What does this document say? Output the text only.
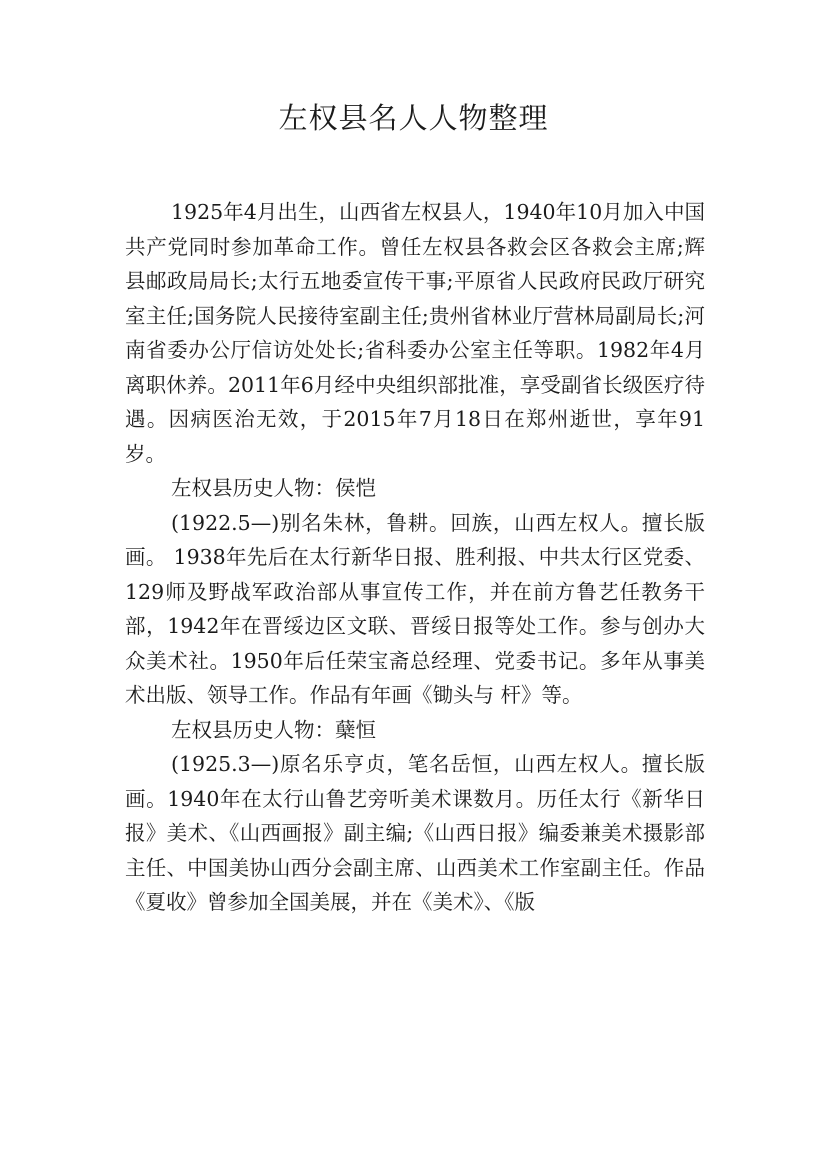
左权县名人人物整理

1925年4月出生，山西省左权县人，1940年10月加入中国共产党同时参加革命工作。曾任左权县各救会区各救会主席;辉县邮政局局长;太行五地委宣传干事;平原省人民政府民政厅研究室主任;国务院人民接待室副主任;贵州省林业厅营林局副局长;河南省委办公厅信访处处长;省科委办公室主任等职。1982年4月离职休养。2011年6月经中央组织部批准，享受副省长级医疗待遇。因病医治无效，于2015年7月18日在郑州逝世，享年91岁。

左权县历史人物：侯恺

(1922.5—)别名朱林，鲁耕。回族，山西左权人。擅长版画。 1938年先后在太行新华日报、胜利报、中共太行区党委、129师及野战军政治部从事宣传工作，并在前方鲁艺任教务干部，1942年在晋绥边区文联、晋绥日报等处工作。参与创办大众美术社。1950年后任荣宝斋总经理、党委书记。多年从事美术出版、领导工作。作品有年画《锄头与 杆》等。

左权县历史人物：蘖恒

(1925.3—)原名乐亨贞，笔名岳恒，山西左权人。擅长版画。1940年在太行山鲁艺旁听美术课数月。历任太行《新华日报》美术、《山西画报》副主编;《山西日报》编委兼美术摄影部主任、中国美协山西分会副主席、山西美术工作室副主任。作品《夏收》曾参加全国美展，并在《美术》、《版
